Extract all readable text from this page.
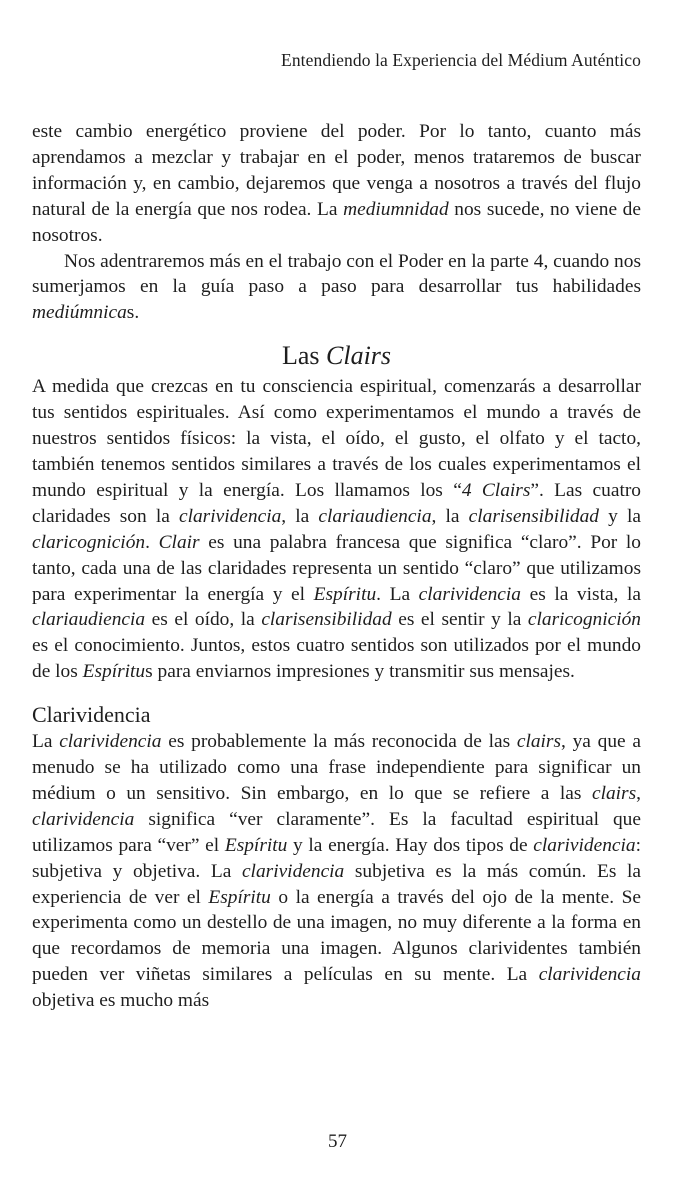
Entendiendo la Experiencia del Médium Auténtico

este cambio energético proviene del poder. Por lo tanto, cuanto más aprendamos a mezclar y trabajar en el poder, menos trataremos de buscar información y, en cambio, dejaremos que venga a nosotros a través del flujo natural de la energía que nos rodea. La mediumnidad nos sucede, no viene de nosotros.

Nos adentraremos más en el trabajo con el Poder en la parte 4, cuando nos sumerjamos en la guía paso a paso para desarrollar tus habilidades mediúmnicas.

Las Clairs

A medida que crezcas en tu consciencia espiritual, comenzarás a desarrollar tus sentidos espirituales. Así como experimentamos el mundo a través de nuestros sentidos físicos: la vista, el oído, el gusto, el olfato y el tacto, también tenemos sentidos similares a través de los cuales experimentamos el mundo espiritual y la energía. Los llamamos los “4 Clairs”. Las cuatro claridades son la clarividencia, la clariaudiencia, la clarisensibilidad y la claricognición. Clair es una palabra francesa que significa “claro”. Por lo tanto, cada una de las claridades representa un sentido “claro” que utilizamos para experimentar la energía y el Espíritu. La clarividencia es la vista, la clariaudiencia es el oído, la clarisensibilidad es el sentir y la claricognición es el conocimiento. Juntos, estos cuatro sentidos son utilizados por el mundo de los Espíritus para enviarnos impresiones y transmitir sus mensajes.

Clarividencia

La clarividencia es probablemente la más reconocida de las clairs, ya que a menudo se ha utilizado como una frase independiente para significar un médium o un sensitivo. Sin embargo, en lo que se refiere a las clairs, clarividencia significa “ver claramente”. Es la facultad espiritual que utilizamos para “ver” el Espíritu y la energía. Hay dos tipos de clarividencia: subjetiva y objetiva. La clarividencia subjetiva es la más común. Es la experiencia de ver el Espíritu o la energía a través del ojo de la mente. Se experimenta como un destello de una imagen, no muy diferente a la forma en que recordamos de memoria una imagen. Algunos clarividentes también pueden ver viñetas similares a películas en su mente. La clarividencia objetiva es mucho más

57
